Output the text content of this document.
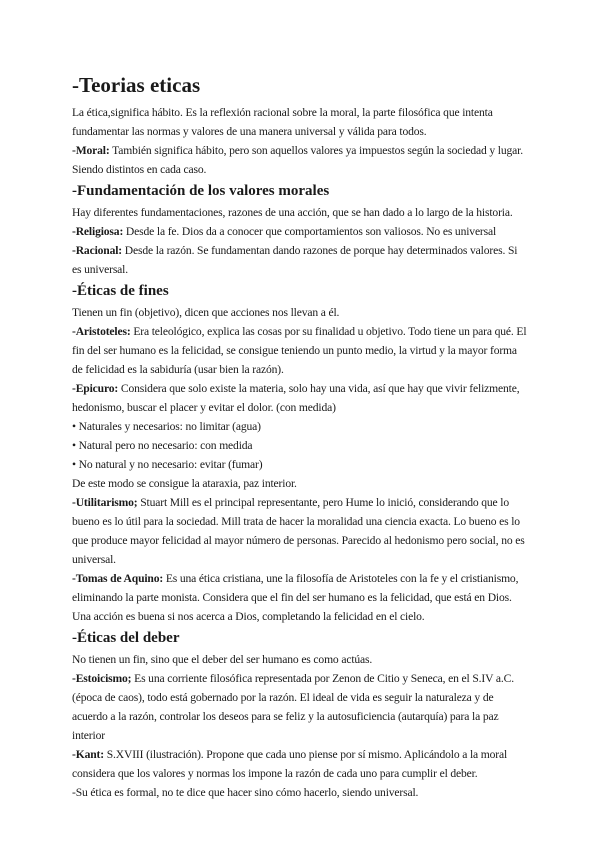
-Teorias eticas

La ética,significa hábito. Es la reflexión racional sobre la moral, la parte filosófica que intenta fundamentar las normas y valores de una manera universal y válida para todos.

-Moral: También significa hábito, pero son aquellos valores ya impuestos según la sociedad y lugar. Siendo distintos en cada caso.

-Fundamentación de los valores morales

Hay diferentes fundamentaciones, razones de una acción, que se han dado a lo largo de la historia.

-Religiosa: Desde la fe. Dios da a conocer que comportamientos son valiosos. No es universal

-Racional: Desde la razón. Se fundamentan dando razones de porque hay determinados valores. Si es universal.

-Éticas de fines

Tienen un fin (objetivo), dicen que acciones nos llevan a él.

-Aristoteles: Era teleológico, explica las cosas por su finalidad u objetivo. Todo tiene un para qué. El fin del ser humano es la felicidad, se consigue teniendo un punto medio, la virtud y la mayor forma de felicidad es la sabiduría (usar bien la razón).

-Epicuro: Considera que solo existe la materia, solo hay una vida, así que hay que vivir felizmente, hedonismo, buscar el placer y evitar el dolor. (con medida)

• Naturales y necesarios: no limitar (agua)

• Natural pero no necesario: con medida

• No natural y no necesario: evitar (fumar)

De este modo se consigue la ataraxia, paz interior.

-Utilitarismo; Stuart Mill es el principal representante, pero Hume lo inició, considerando que lo bueno es lo útil para la sociedad. Mill trata de hacer la moralidad una ciencia exacta. Lo bueno es lo que produce mayor felicidad al mayor número de personas. Parecido al hedonismo pero social, no es universal.

-Tomas de Aquino: Es una ética cristiana, une la filosofía de Aristoteles con la fe y el cristianismo, eliminando la parte monista. Considera que el fin del ser humano es la felicidad, que está en Dios. Una acción es buena si nos acerca a Dios, completando la felicidad en el cielo.

-Éticas del deber

No tienen un fin, sino que el deber del ser humano es como actúas.

-Estoicismo; Es una corriente filosófica representada por Zenon de Citio y Seneca, en el S.IV a.C. (época de caos), todo está gobernado por la razón. El ideal de vida es seguir la naturaleza y de acuerdo a la razón, controlar los deseos para se feliz y la autosuficiencia (autarquía) para la paz interior

-Kant: S.XVIII (ilustración). Propone que cada uno piense por sí mismo. Aplicándolo a la moral considera que los valores y normas los impone la razón de cada uno para cumplir el deber.

-Su ética es formal, no te dice que hacer sino cómo hacerlo, siendo universal.
